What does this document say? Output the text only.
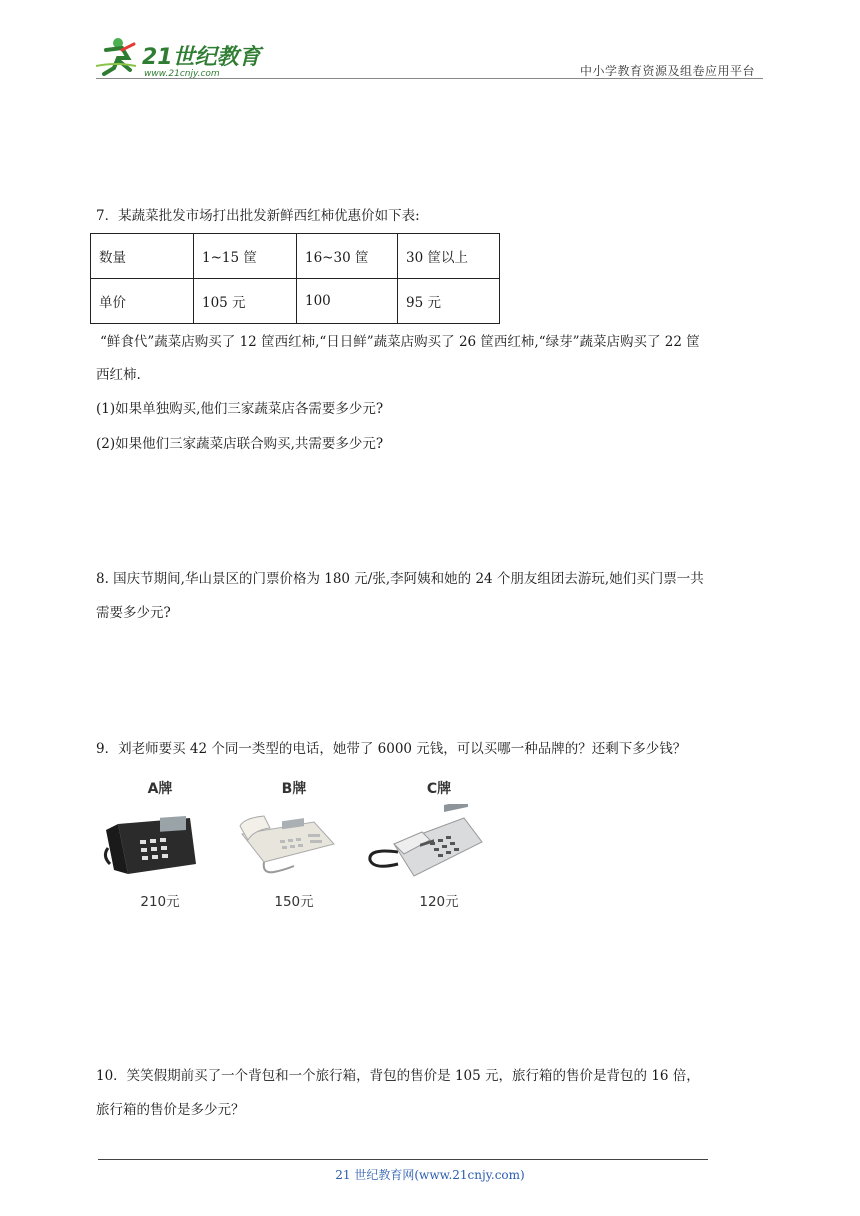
21世纪教育
www.21cnjy.com	中小学教育资源及组卷应用平台
7．某蔬菜批发市场打出批发新鲜西红柿优惠价如下表:
数量	1~15 筐	16~30 筐	30 筐以上
单价	105 元	100	95 元
“鲜食代”蔬菜店购买了 12 筐西红柿,“日日鲜”蔬菜店购买了 26 筐西红柿,“绿芽”蔬菜店购买了 22 筐
西红柿.
(1)如果单独购买,他们三家蔬菜店各需要多少元?
(2)如果他们三家蔬菜店联合购买,共需要多少元?
8. 国庆节期间,华山景区的门票价格为 180 元/张,李阿姨和她的 24 个朋友组团去游玩,她们买门票一共
需要多少元?
9．刘老师要买 42 个同一类型的电话，她带了 6000 元钱，可以买哪一种品牌的？还剩下多少钱？
A牌
210元
B牌
150元
C牌
120元
10．笑笑假期前买了一个背包和一个旅行箱，背包的售价是 105 元，旅行箱的售价是背包的 16 倍，
旅行箱的售价是多少元？
21 世纪教育网(www.21cnjy.com)
